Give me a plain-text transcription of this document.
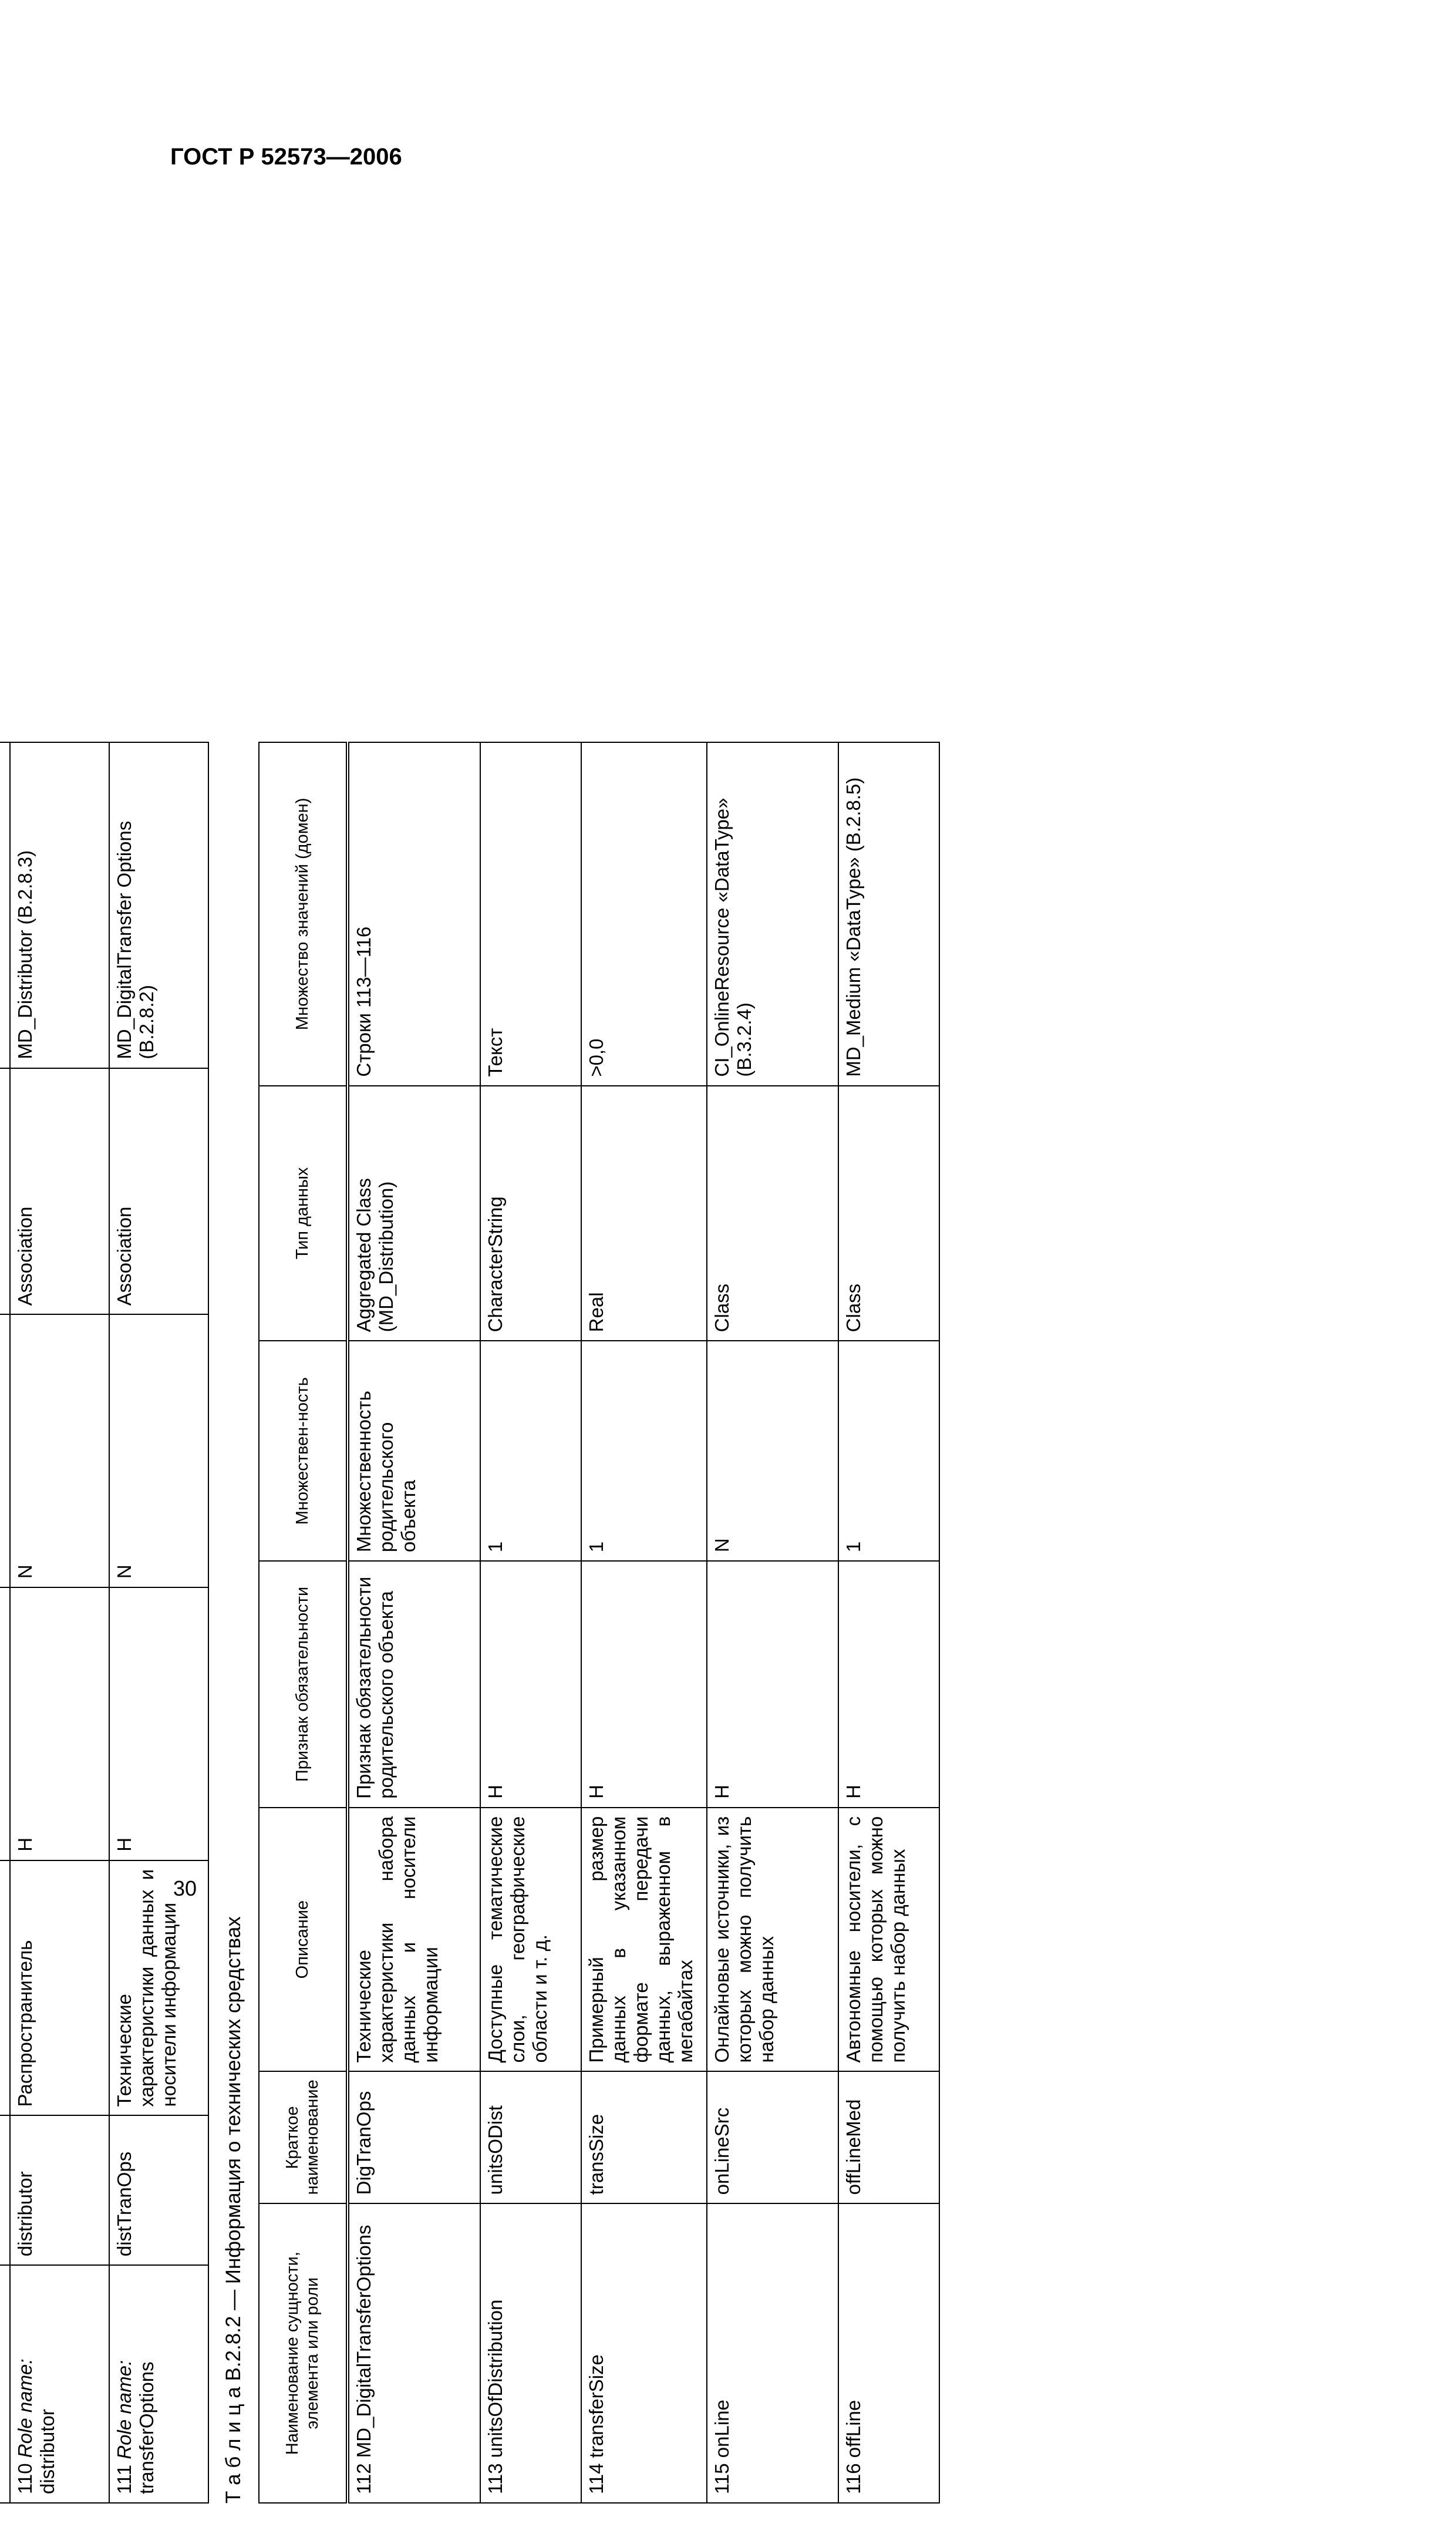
ГОСТ Р 52573—2006
30

110 Role name:
distributor	distributor	Распространитель	Н	N	Association	MD_Distributor (B.2.8.3)
111 Role name:
transferOptions	distTranOps	Технические характеристики данных и носители информации	Н	N	Association	MD_DigitalTransfer Options (B.2.8.2)
Т а б л и ц а В.2.8.2 — Информация о технических средствах Наименование сущности, элемента или роли	Краткое наименование	Описание	Признак обязательности	Множествен-ность	Тип данных	Множество значений (домен)
112 MD_DigitalTransferOptions	DigTranOps	Технические характеристики набора данных и носители информации	Признак обязательности родительского объекта	Множественность родительского объекта	Aggregated Class (MD_Distribution)	Строки 113—116
113 unitsOfDistribution	unitsODist	Доступные тематические слои, географические области и т. д.	Н	1	CharacterString	Текст
114 transferSize	transSize	Примерный размер данных в указанном формате передачи данных, выраженном в мегабайтах	Н	1	Real	>0,0
115 onLine	onLineSrc	Онлайновые источники, из которых можно получить набор данных	Н	N	Class	CI_OnlineResource «DataType» (B.3.2.4)
116 offLine	offLineMed	Автономные носители, с помощью которых можно получить набор данных	Н	1	Class	MD_Medium «DataType» (B.2.8.5)
